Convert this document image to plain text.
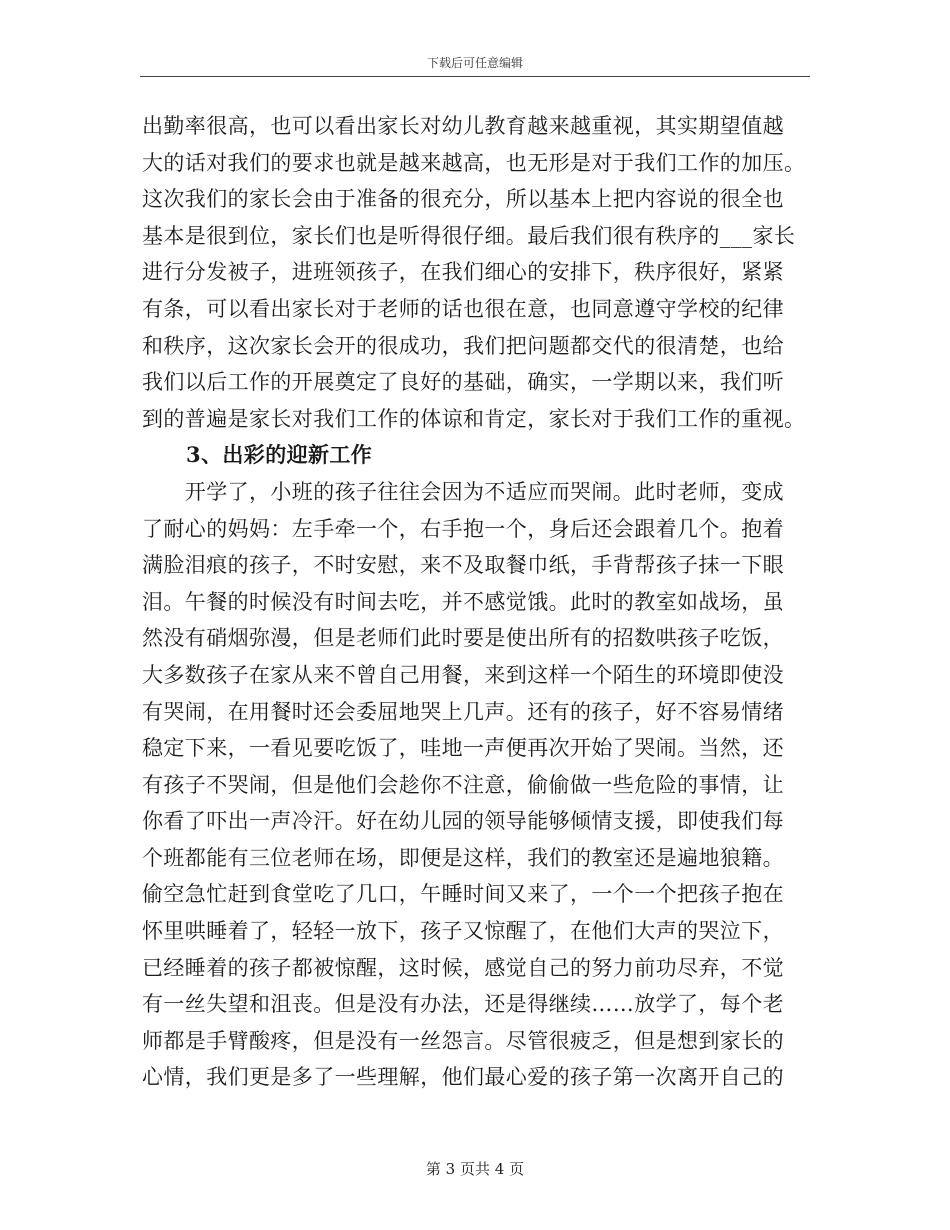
下载后可任意编辑
出勤率很高，也可以看出家长对幼儿教育越来越重视，其实期望值越
大的话对我们的要求也就是越来越高，也无形是对于我们工作的加压。
这次我们的家长会由于准备的很充分，所以基本上把内容说的很全也
基本是很到位，家长们也是听得很仔细。最后我们很有秩序的___家长
进行分发被子，进班领孩子，在我们细心的安排下，秩序很好，紧紧
有条，可以看出家长对于老师的话也很在意，也同意遵守学校的纪律
和秩序，这次家长会开的很成功，我们把问题都交代的很清楚，也给
我们以后工作的开展奠定了良好的基础，确实，一学期以来，我们听
到的普遍是家长对我们工作的体谅和肯定，家长对于我们工作的重视。
3、出彩的迎新工作
　　开学了，小班的孩子往往会因为不适应而哭闹。此时老师，变成
了耐心的妈妈：左手牵一个，右手抱一个，身后还会跟着几个。抱着
满脸泪痕的孩子，不时安慰，来不及取餐巾纸，手背帮孩子抹一下眼
泪。午餐的时候没有时间去吃，并不感觉饿。此时的教室如战场，虽
然没有硝烟弥漫，但是老师们此时要是使出所有的招数哄孩子吃饭，
大多数孩子在家从来不曾自己用餐，来到这样一个陌生的环境即使没
有哭闹，在用餐时还会委屈地哭上几声。还有的孩子，好不容易情绪
稳定下来，一看见要吃饭了，哇地一声便再次开始了哭闹。当然，还
有孩子不哭闹，但是他们会趁你不注意，偷偷做一些危险的事情，让
你看了吓出一声冷汗。好在幼儿园的领导能够倾情支援，即使我们每
个班都能有三位老师在场，即便是这样，我们的教室还是遍地狼籍。
偷空急忙赶到食堂吃了几口，午睡时间又来了，一个一个把孩子抱在
怀里哄睡着了，轻轻一放下，孩子又惊醒了，在他们大声的哭泣下，
已经睡着的孩子都被惊醒，这时候，感觉自己的努力前功尽弃，不觉
有一丝失望和沮丧。但是没有办法，还是得继续……放学了，每个老
师都是手臂酸疼，但是没有一丝怨言。尽管很疲乏，但是想到家长的
心情，我们更是多了一些理解，他们最心爱的孩子第一次离开自己的
第 3 页共 4 页
